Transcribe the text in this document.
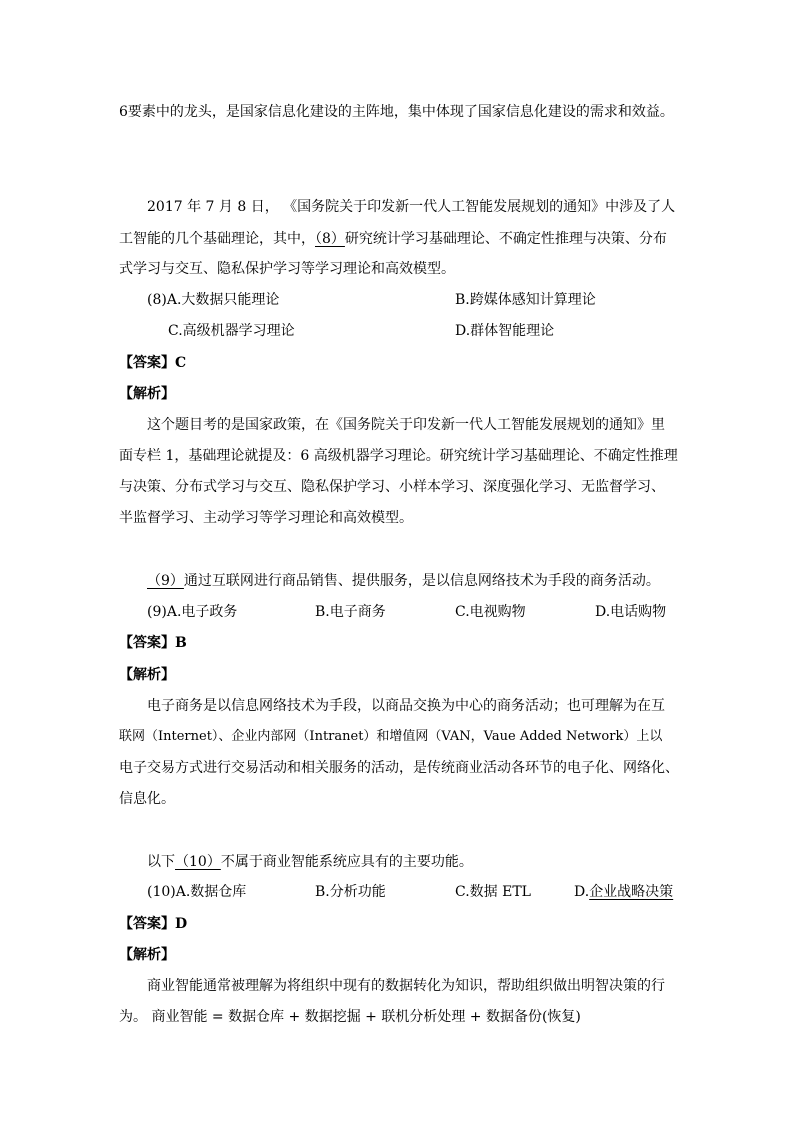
6要素中的龙头，是国家信息化建设的主阵地，集中体现了国家信息化建设的需求和效益。
2017 年 7 月 8 日， 《国务院关于印发新一代人工智能发展规划的通知》中涉及了人
工智能的几个基础理论，其中，（8）研究统计学习基础理论、不确定性推理与决策、分布
式学习与交互、隐私保护学习等学习理论和高效模型。
(8)A.大数据只能理论	B.跨媒体感知计算理论
C.高级机器学习理论	D.群体智能理论
【答案】C
【解析】
这个题目考的是国家政策，在《国务院关于印发新一代人工智能发展规划的通知》里
面专栏 1，基础理论就提及：6 高级机器学习理论。研究统计学习基础理论、不确定性推理
与决策、分布式学习与交互、隐私保护学习、小样本学习、深度强化学习、无监督学习、
半监督学习、主动学习等学习理论和高效模型。
（9）通过互联网进行商品销售、提供服务，是以信息网络技术为手段的商务活动。
(9)A.电子政务	B.电子商务	C.电视购物	D.电话购物
【答案】B
【解析】
电子商务是以信息网络技术为手段，以商品交换为中心的商务活动；也可理解为在互
联网（Internet）、企业内部网（Intranet）和增值网（VAN，Vaue Added Network）上以
电子交易方式进行交易活动和相关服务的活动，是传统商业活动各环节的电子化、网络化、
信息化。
以下（10）不属于商业智能系统应具有的主要功能。
(10)A.数据仓库	B.分析功能	C.数据 ETL	D.企业战略决策
【答案】D
【解析】
商业智能通常被理解为将组织中现有的数据转化为知识，帮助组织做出明智决策的行
为。 商业智能 = 数据仓库 + 数据挖掘 + 联机分析处理 + 数据备份(恢复)
